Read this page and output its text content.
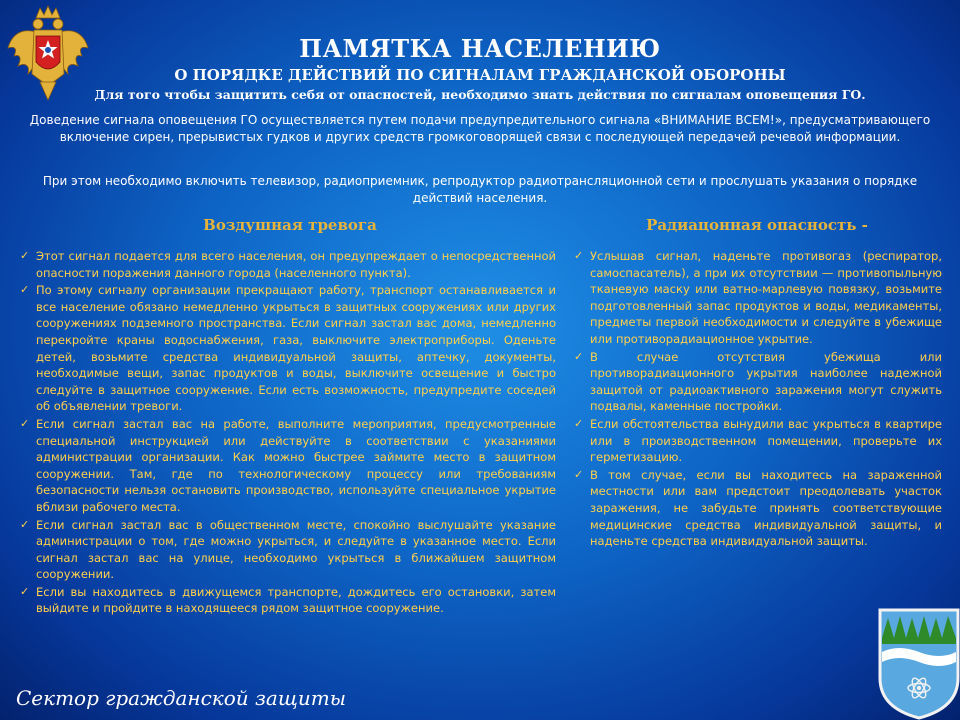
ПАМЯТКА НАСЕЛЕНИЮ
О ПОРЯДКЕ ДЕЙСТВИЙ ПО СИГНАЛАМ ГРАЖДАНСКОЙ ОБОРОНЫ
Для того чтобы защитить себя от опасностей, необходимо знать действия по сигналам оповещения ГО.
Доведение сигнала оповещения ГО осуществляется путем подачи предупредительного сигнала «ВНИМАНИЕ ВСЕМ!», предусматривающего включение сирен, прерывистых гудков и других средств громкоговорящей связи с последующей передачей речевой информации.
При этом необходимо включить телевизор, радиоприемник, репродуктор радиотрансляционной сети и прослушать указания о порядке действий населения.
Воздушная тревога	Радиацонная опасность -
✓ Этот сигнал подается для всего населения, он предупреждает о непосредственной опасности поражения данного города (населенного пункта).
✓ По этому сигналу организации прекращают работу, транспорт останавливается и все население обязано немедленно укрыться в защитных сооружениях или других сооружениях подземного пространства. Если сигнал застал вас дома, немедленно перекройте краны водоснабжения, газа, выключите электроприборы. Оденьте детей, возьмите средства индивидуальной защиты, аптечку, документы, необходимые вещи, запас продуктов и воды, выключите освещение и быстро следуйте в защитное сооружение. Если есть возможность, предупредите соседей об объявлении тревоги.
✓ Если сигнал застал вас на работе, выполните мероприятия, предусмотренные специальной инструкцией или действуйте в соответствии с указаниями администрации организации. Как можно быстрее займите место в защитном сооружении. Там, где по технологическому процессу или требованиям безопасности нельзя остановить производство, используйте специальное укрытие вблизи рабочего места.
✓ Если сигнал застал вас в общественном месте, спокойно выслушайте указание администрации о том, где можно укрыться, и следуйте в указанное место. Если сигнал застал вас на улице, необходимо укрыться в ближайшем защитном сооружении.
✓ Если вы находитесь в движущемся транспорте, дождитесь его остановки, затем выйдите и пройдите в находящееся рядом защитное сооружение.
✓ Услышав сигнал, наденьте противогаз (респиратор, самоспасатель), а при их отсутствии — противопыльную тканевую маску или ватно-марлевую повязку, возьмите подготовленный запас продуктов и воды, медикаменты, предметы первой необходимости и следуйте в убежище или противорадиационное укрытие.
✓ В случае отсутствия убежища или противорадиационного укрытия наиболее надежной защитой от радиоактивного заражения могут служить подвалы, каменные постройки.
✓ Если обстоятельства вынудили вас укрыться в квартире или в производственном помещении, проверьте их герметизацию.
✓ В том случае, если вы находитесь на зараженной местности или вам предстоит преодолевать участок заражения, не забудьте принять соответствующие медицинские средства индивидуальной защиты, и наденьте средства индивидуальной защиты.
Сектор гражданской защиты
